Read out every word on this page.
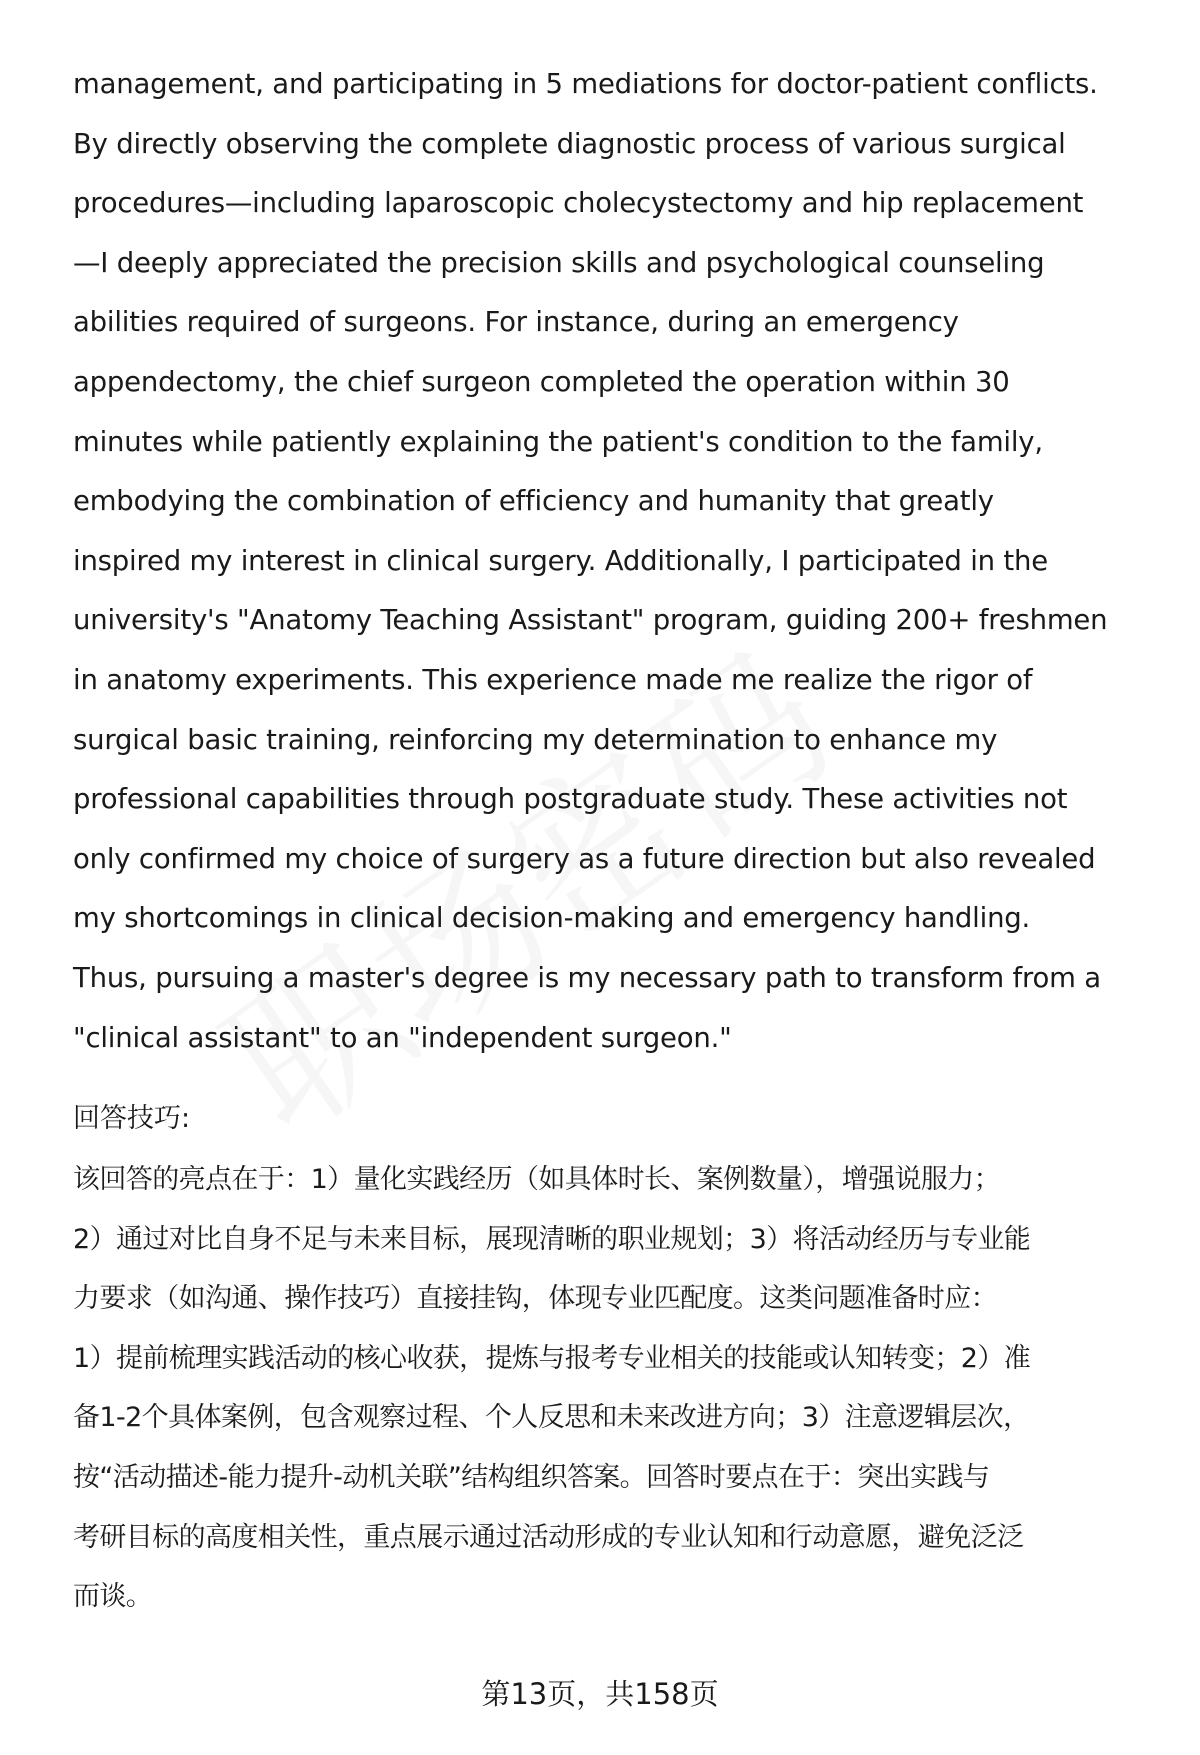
management, and participating in 5 mediations for doctor-patient conflicts.
By directly observing the complete diagnostic process of various surgical
procedures—including laparoscopic cholecystectomy and hip replacement
—I deeply appreciated the precision skills and psychological counseling
abilities required of surgeons. For instance, during an emergency
appendectomy, the chief surgeon completed the operation within 30
minutes while patiently explaining the patient's condition to the family,
embodying the combination of efficiency and humanity that greatly
inspired my interest in clinical surgery. Additionally, I participated in the
university's "Anatomy Teaching Assistant" program, guiding 200+ freshmen
in anatomy experiments. This experience made me realize the rigor of
surgical basic training, reinforcing my determination to enhance my
professional capabilities through postgraduate study. These activities not
only confirmed my choice of surgery as a future direction but also revealed
my shortcomings in clinical decision-making and emergency handling.
Thus, pursuing a master's degree is my necessary path to transform from a
"clinical assistant" to an "independent surgeon."
回答技巧:
该回答的亮点在于：1）量化实践经历（如具体时长、案例数量），增强说服力；
2）通过对比自身不足与未来目标，展现清晰的职业规划；3）将活动经历与专业能
力要求（如沟通、操作技巧）直接挂钩，体现专业匹配度。这类问题准备时应：
1）提前梳理实践活动的核心收获，提炼与报考专业相关的技能或认知转变；2）准
备1-2个具体案例，包含观察过程、个人反思和未来改进方向；3）注意逻辑层次，
按“活动描述-能力提升-动机关联”结构组织答案。回答时要点在于：突出实践与
考研目标的高度相关性，重点展示通过活动形成的专业认知和行动意愿，避免泛泛
而谈。
第13页，共158页
